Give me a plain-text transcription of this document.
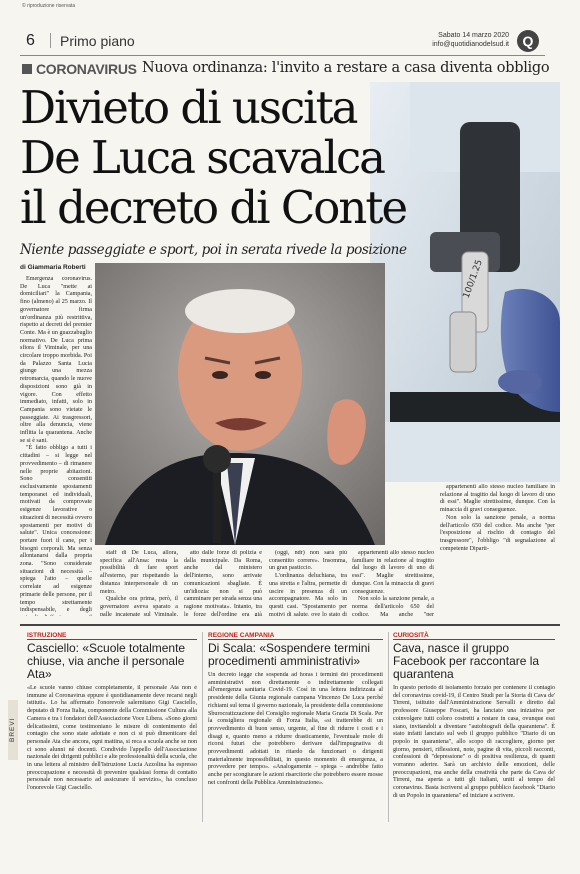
© riproduzione riservata
6 Primo piano	Sabato 14 marzo 2020
info@quotidianodelsud.it Q
CORONAVIRUS Nuova ordinanza: l'invito a restare a casa diventa obbligo
100/1.25
Divieto di uscita
De Luca scavalca
il decreto di Conte
Niente passeggiate e sport, poi in serata rivede la posizione
di Giammaria Roberti

Emergenza coronavirus. De Luca "mette ai domiciliari" la Campania, fino (almeno) al 25 marzo. Il governatore firma un'ordinanza più restrittiva, rispetto ai decreti del premier Conte. Ma è un guazzabuglio normativo. De Luca prima sfiora il Viminale, per una circolare troppo morbida. Poi da Palazzo Santa Lucia giunge una mezza retromarcia, quando le nuove disposizioni sono già in vigore. Con effetto immediato, infatti, solo in Campania sono vietate le passeggiate. Ai trasgressori, oltre alla denuncia, viene inflitta la quarantena. Anche se si è sani.

"È fatto obbligo a tutti i cittadini – si legge nel provvedimento – di rimanere nelle proprie abitazioni. Sono consentiti esclusivamente spostamenti temporanei ed individuali, motivati da comprovate esigenze lavorative o situazioni di necessità ovvero spostamenti per motivi di salute". Unica concessione: portare fuori il cane, per i bisogni corporali. Ma senza allontanarsi dalla propria zona. "Sono considerate situazioni di necessità – spiega l'atto – quelle correlate ad esigenze primarie delle persone, per il tempo strettamente indispensabile, e degli

staff di De Luca, allora, specifica all'Ansa: resta la possibilità di fare sport all'esterno, pur rispettando la distanza interpersonale di un metro.

Qualche ora prima, però, il governatore aveva sparato a palle incatenate sul Viminale.

atto dalle forze di polizia e dalla municipale. Da Roma, anche dal ministero dell'interno, sono arrivate comunicazioni sbagliate. È un'idiozia: non si può camminare per strada senza una ragione motivata». Intanto, tra le forze dell'ordine era già

(oggi, ndr) non sarà più consentito correre». Insomma, un gran pasticcio.

L'ordinanza deluchiana, tra una stretta e l'altra, permette di uscire in presenza di un accompagnatore. Ma solo in questi casi. "Spostamento per motivi di salute, ove lo stato di

appartenenti allo stesso nucleo familiare in relazione al tragitto dal luogo di lavoro di uno di essi". Maglie strettissime, dunque. Con la minaccia di gravi conseguenze.

Non solo la sanzione penale, a norma dell'articolo 650 del codice. Ma anche "per

appartenenti allo stesso nucleo familiare in relazione al tragitto dal luogo di lavoro di uno di essi". Maglie strettissime, dunque. Con la minaccia di gravi conseguenze.

Non solo la sanzione penale, a norma dell'articolo 650 del codice. Ma anche "per l'esposizione al rischio di contagio del trasgressore", l'obbligo "di segnalazione al competente Diparti-

BREVI
ISTRUZIONE
Casciello: «Scuole totalmente chiuse, via anche il personale Ata»
«Le scuole vanno chiuse completamente, il personale Ata non è immune al Coronavirus eppure è quotidianamente deve recarsi negli istituti». Lo ha affermato l'onorevole salernitano Gigi Casciello, deputato di Forza Italia, componente della Commissione Cultura alla Camera e tra i fondatori dell'Associazione Voce Libera. «Sono giorni delicatissimi, come testimoniano le misure di contenimento del contagio che sono state adottate e non ci si può dimenticare del personale Ata che ancora, ogni mattina, si reca a scuola anche se non ci sono alunni né docenti. Condivido l'appello dell'Associazione nazionale dei dirigenti pubblici e alte professionalità della scuola, che in una lettera al ministro dell'Istruzione Lucia Azzolina ha espresso preoccupazione e necessità di prevenire qualsiasi forma di contatto personale non necessario ad assicurare il servizio», ha concluso l'onorevole Gigi Casciello.
REGIONE CAMPANIA
Di Scala: «Sospendere termini procedimenti amministrativi»
Un decreto legge che sospenda ad horas i termini dei procedimenti amministrativi non direttamente o indirettamente collegati all'emergenza sanitaria Covid-19. Così in una lettera indirizzata al presidente della Giunta regionale campana Vincenzo De Luca perché richiami sul tema il governo nazionale, la presidente della commissione Sburocratizzazione del Consiglio regionale Maria Grazia Di Scala. Per la consigliera regionale di Forza Italia, «si tratterebbe di un provvedimento di buon senso, urgente, al fine di ridurre i costi e i disagi e, quanto meno a ridurre drasticamente, l'eventuale mole di ricorsi futuri che potrebbero derivare dall'impugnativa di provvedimenti adottati in ritardo da funzionari o dirigenti materialmente impossibilitati, in questo momento di emergenza, a provvedere per tempo». «Analogamente – spiega – andrebbe fatto anche per scongiurare le azioni risarcitorie che potrebbero essere mosse nei confronti della Pubblica Amministrazione».
CURIOSITÀ
Cava, nasce il gruppo Facebook per raccontare la quarantena
In questo periodo di isolamento forzato per contenere il contagio del coronavirus covid-19, il Centro Studi per la Storia di Cava de' Tirreni, istituito dall'Amministrazione Servalli e diretto dal professore Giuseppe Foscari, ha lanciato una iniziativa per coinvolgere tutti coloro costretti a restare in casa, ovunque essi siano, invitandoli a diventare "autobiografi della quarantena". È stato infatti lanciato sul web il gruppo pubblico "Diario di un popolo in quarantena", allo scopo di raccogliere, giorno per giorno, pensieri, riflessioni, note, pagine di vita, piccoli racconti, confessioni di "depressione" o di positiva resilienza, di quanti vorranno aderire. Sarà un archivio delle emozioni, delle preoccupazioni, ma anche della creatività che parte da Cava de' Tirreni, ma aperta a tutti gli italiani, uniti al tempo del coronavirus. Basta iscriversi al gruppo pubblico facebook "Diario di un Popolo in quarantena" ed iniziare a scrivere.
